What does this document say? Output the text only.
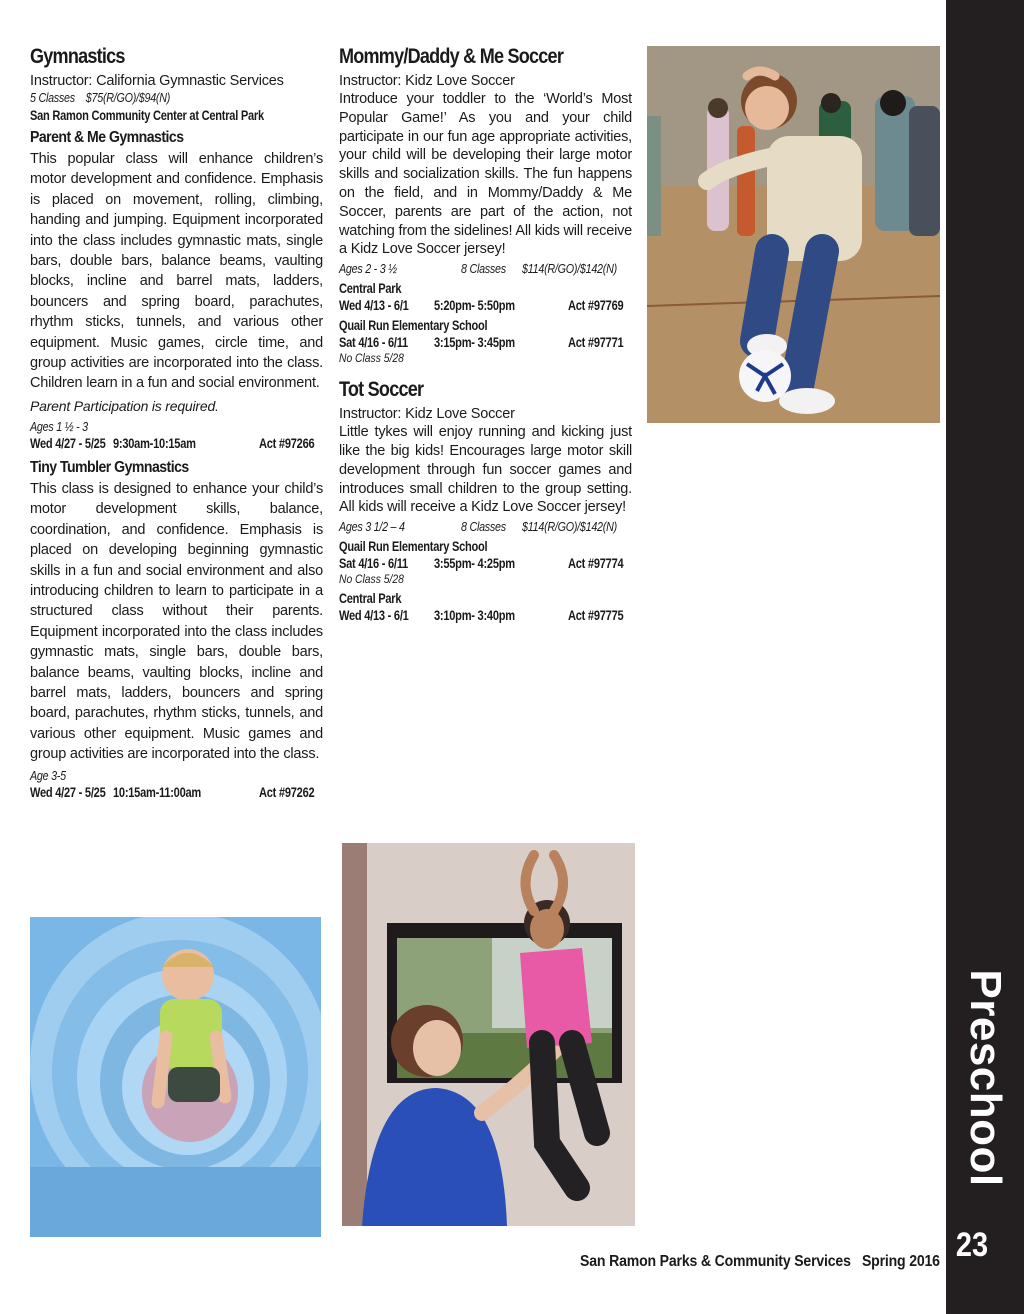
Gymnastics
Instructor: California Gymnastic Services
5 Classes    $75(R/GO)/$94(N)
San Ramon Community Center at Central Park
Parent & Me Gymnastics
This popular class will enhance children’s motor development and confidence. Emphasis is placed on movement, rolling, climbing, handing and jumping. Equipment incorporated into the class includes gymnastic mats, single bars, double bars, balance beams, vaulting blocks, incline and barrel mats, ladders, bouncers and spring board, parachutes, rhythm sticks, tunnels, and various other equipment. Music games, circle time, and group activities are incorporated into the class. Children learn in a fun and social environment.
Parent Participation is required.
Ages 1 ½ - 3
Wed 4/27 - 5/25 9:30am-10:15am	Act #97266
Tiny Tumbler Gymnastics
This class is designed to enhance your child’s motor development skills, balance, coordination, and confidence. Emphasis is placed on developing beginning gymnastic skills in a fun and social environment and also introducing children to learn to participate in a structured class without their parents. Equipment incorporated into the class includes gymnastic mats, single bars, double bars, balance beams, vaulting blocks, incline and barrel mats, ladders, bouncers and spring board, parachutes, rhythm sticks, tunnels, and various other equipment. Music games and group activities are incorporated into the class.
Age 3-5
Wed 4/27 - 5/25 10:15am-11:00am	Act #97262
Mommy/Daddy & Me Soccer
Instructor: Kidz Love Soccer
Introduce your toddler to the ‘World’s Most Popular Game!’ As you and your child participate in our fun age appropriate activities, your child will be developing their large motor skills and socialization skills. The fun happens on the field, and in Mommy/Daddy & Me Soccer, parents are part of the action, not watching from the sidelines! All kids will receive a Kidz Love Soccer jersey!
Ages 2 - 3 ½	8 Classes $114(R/GO)/$142(N)
Central Park
Wed 4/13 - 6/1 5:20pm- 5:50pm	Act #97769
Quail Run Elementary School
Sat 4/16 - 6/11 3:15pm- 3:45pm	Act #97771
No Class 5/28
Tot Soccer
Instructor: Kidz Love Soccer
Little tykes will enjoy running and kicking just like the big kids! Encourages large motor skill development through fun soccer games and introduces small children to the group setting. All kids will receive a Kidz Love Soccer jersey!
Ages 3 1/2 – 4	8 Classes $114(R/GO)/$142(N)
Quail Run Elementary School
Sat 4/16 - 6/11 3:55pm- 4:25pm	Act #97774
No Class 5/28
Central Park
Wed 4/13 - 6/1 3:10pm- 3:40pm	Act #97775
Preschool
23
San Ramon Parks & Community Services   Spring 2016
